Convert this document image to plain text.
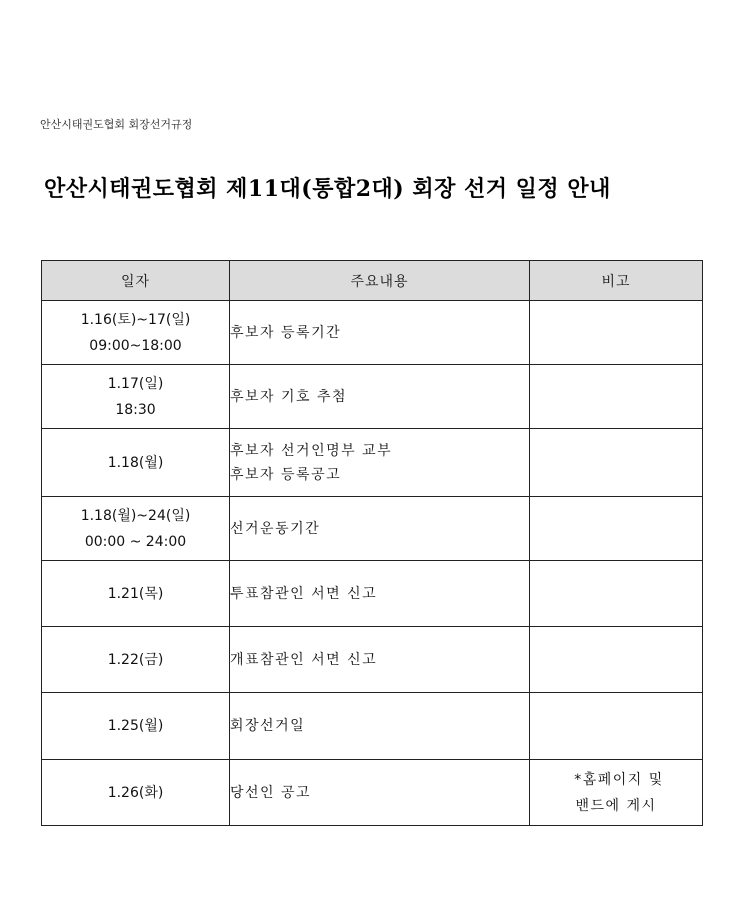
안산시태권도협회 회장선거규정
안산시태권도협회 제11대(통합2대) 회장 선거 일정 안내
일자	주요내용	비고

1.16(토)~17(일)
09:00~18:00	후보자 등록기간	

1.17(일)
18:30	후보자 기호 추첨	

1.18(월)	후보자 선거인명부 교부
후보자 등록공고	

1.18(월)~24(일)
00:00 ~ 24:00	선거운동기간	

1.21(목)	투표참관인 서면 신고	

1.22(금)	개표참관인 서면 신고	

1.25(월)	회장선거일	

1.26(화)	당선인 공고	*홈페이지 및
밴드에 게시
